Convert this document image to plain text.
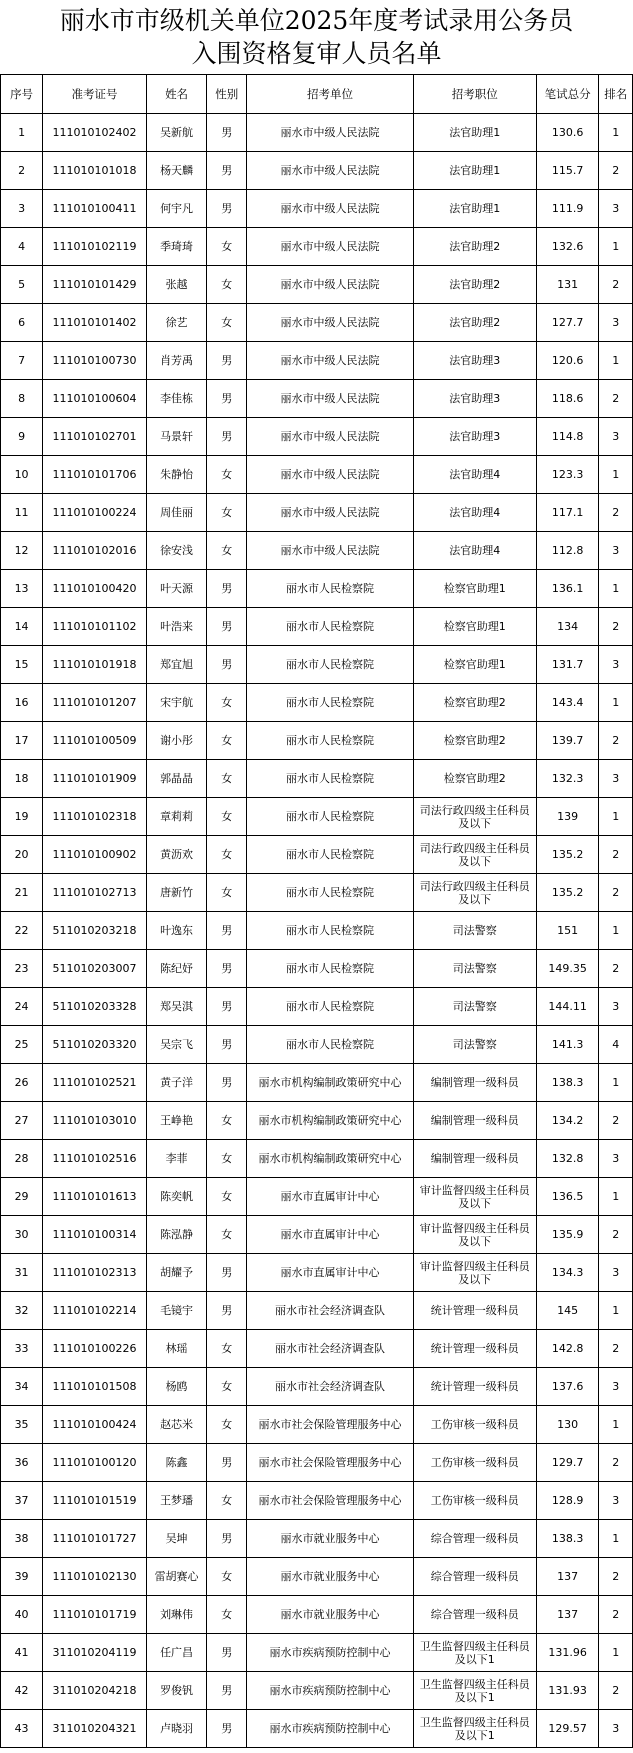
丽水市市级机关单位2025年度考试录用公务员
入围资格复审人员名单
序号	准考证号	姓名	性别	招考单位	招考职位	笔试总分	排名
1	111010102402	吴新航	男	丽水市中级人民法院	法官助理1	130.6	1
2	111010101018	杨天麟	男	丽水市中级人民法院	法官助理1	115.7	2
3	111010100411	何宇凡	男	丽水市中级人民法院	法官助理1	111.9	3
4	111010102119	季琦琦	女	丽水市中级人民法院	法官助理2	132.6	1
5	111010101429	张越	女	丽水市中级人民法院	法官助理2	131	2
6	111010101402	徐艺	女	丽水市中级人民法院	法官助理2	127.7	3
7	111010100730	肖芳禹	男	丽水市中级人民法院	法官助理3	120.6	1
8	111010100604	李佳栋	男	丽水市中级人民法院	法官助理3	118.6	2
9	111010102701	马景轩	男	丽水市中级人民法院	法官助理3	114.8	3
10	111010101706	朱静怡	女	丽水市中级人民法院	法官助理4	123.3	1
11	111010100224	周佳丽	女	丽水市中级人民法院	法官助理4	117.1	2
12	111010102016	徐安浅	女	丽水市中级人民法院	法官助理4	112.8	3
13	111010100420	叶天源	男	丽水市人民检察院	检察官助理1	136.1	1
14	111010101102	叶浩来	男	丽水市人民检察院	检察官助理1	134	2
15	111010101918	郑宜旭	男	丽水市人民检察院	检察官助理1	131.7	3
16	111010101207	宋宇航	女	丽水市人民检察院	检察官助理2	143.4	1
17	111010100509	谢小彤	女	丽水市人民检察院	检察官助理2	139.7	2
18	111010101909	郭晶晶	女	丽水市人民检察院	检察官助理2	132.3	3
19	111010102318	章莉莉	女	丽水市人民检察院	司法行政四级主任科员及以下	139	1
20	111010100902	黄沥欢	女	丽水市人民检察院	司法行政四级主任科员及以下	135.2	2
21	111010102713	唐新竹	女	丽水市人民检察院	司法行政四级主任科员及以下	135.2	2
22	511010203218	叶逸东	男	丽水市人民检察院	司法警察	151	1
23	511010203007	陈纪妤	男	丽水市人民检察院	司法警察	149.35	2
24	511010203328	郑吴淇	男	丽水市人民检察院	司法警察	144.11	3
25	511010203320	吴宗飞	男	丽水市人民检察院	司法警察	141.3	4
26	111010102521	黄子洋	男	丽水市机构编制政策研究中心	编制管理一级科员	138.3	1
27	111010103010	王峥艳	女	丽水市机构编制政策研究中心	编制管理一级科员	134.2	2
28	111010102516	李菲	女	丽水市机构编制政策研究中心	编制管理一级科员	132.8	3
29	111010101613	陈奕帆	女	丽水市直属审计中心	审计监督四级主任科员及以下	136.5	1
30	111010100314	陈泓静	女	丽水市直属审计中心	审计监督四级主任科员及以下	135.9	2
31	111010102313	胡耀予	男	丽水市直属审计中心	审计监督四级主任科员及以下	134.3	3
32	111010102214	毛镜宇	男	丽水市社会经济调查队	统计管理一级科员	145	1
33	111010100226	林瑶	女	丽水市社会经济调查队	统计管理一级科员	142.8	2
34	111010101508	杨鸥	女	丽水市社会经济调查队	统计管理一级科员	137.6	3
35	111010100424	赵芯米	女	丽水市社会保险管理服务中心	工伤审核一级科员	130	1
36	111010100120	陈鑫	男	丽水市社会保险管理服务中心	工伤审核一级科员	129.7	2
37	111010101519	王梦璠	女	丽水市社会保险管理服务中心	工伤审核一级科员	128.9	3
38	111010101727	吴坤	男	丽水市就业服务中心	综合管理一级科员	138.3	1
39	111010102130	雷胡赛心	女	丽水市就业服务中心	综合管理一级科员	137	2
40	111010101719	刘琳伟	女	丽水市就业服务中心	综合管理一级科员	137	2
41	311010204119	任广昌	男	丽水市疾病预防控制中心	卫生监督四级主任科员及以下1	131.96	1
42	311010204218	罗俊钒	男	丽水市疾病预防控制中心	卫生监督四级主任科员及以下1	131.93	2
43	311010204321	卢晓羽	男	丽水市疾病预防控制中心	卫生监督四级主任科员及以下1	129.57	3
